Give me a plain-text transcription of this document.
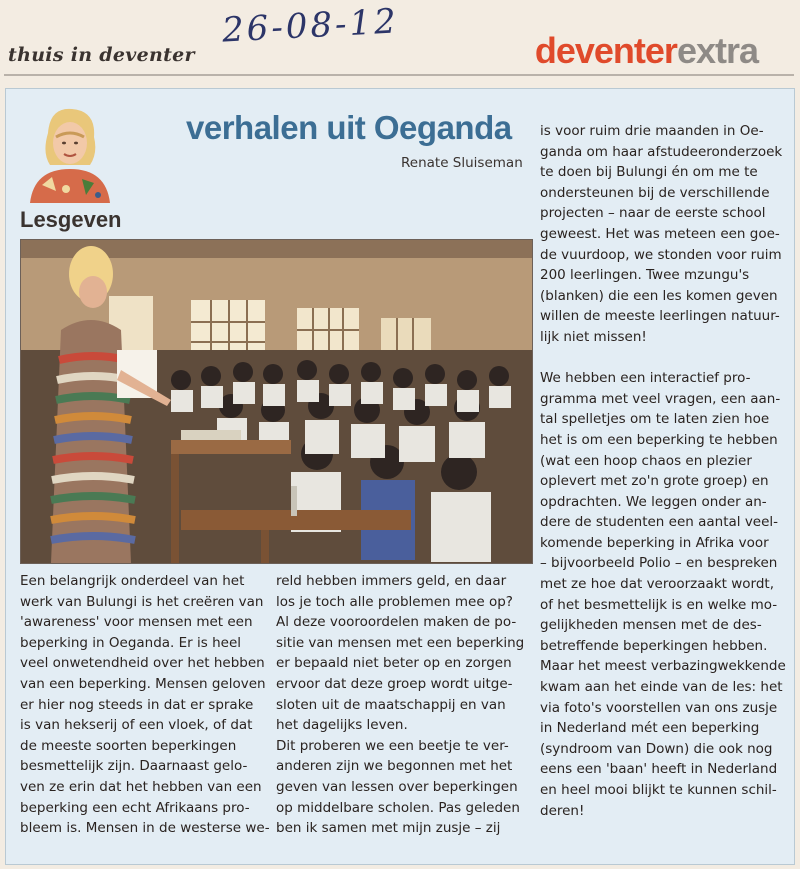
thuis in deventer
26-08-12	deventerextra
verhalen uit Oeganda
Renate Sluiseman
Lesgeven

Een belangrijk onderdeel van het

werk van Bulungi is het creëren van

'awareness' voor mensen met een

beperking in Oeganda. Er is heel

veel onwetendheid over het hebben

van een beperking. Mensen geloven

er hier nog steeds in dat er sprake

is van hekserij of een vloek, of dat

de meeste soorten beperkingen

besmettelijk zijn. Daarnaast gelo-

ven ze erin dat het hebben van een

beperking een echt Afrikaans pro-

bleem is. Mensen in de westerse we-

reld hebben immers geld, en daar

los je toch alle problemen mee op?

Al deze vooroordelen maken de po-

sitie van mensen met een beperking

er bepaald niet beter op en zorgen

ervoor dat deze groep wordt uitge-

sloten uit de maatschappij en van

het dagelijks leven.

Dit proberen we een beetje te ver-

anderen zijn we begonnen met het

geven van lessen over beperkingen

op middelbare scholen. Pas geleden

ben ik samen met mijn zusje – zij

is voor ruim drie maanden in Oe-

ganda om haar afstudeeronderzoek

te doen bij Bulungi én om me te

ondersteunen bij de verschillende

projecten – naar de eerste school

geweest. Het was meteen een goe-

de vuurdoop, we stonden voor ruim

200 leerlingen. Twee mzungu's

(blanken) die een les komen geven

willen de meeste leerlingen natuur-

lijk niet missen!

We hebben een interactief pro-

gramma met veel vragen, een aan-

tal spelletjes om te laten zien hoe

het is om een beperking te hebben

(wat een hoop chaos en plezier

oplevert met zo'n grote groep) en

opdrachten. We leggen onder an-

dere de studenten een aantal veel-

komende beperking in Afrika voor

– bijvoorbeeld Polio – en bespreken

met ze hoe dat veroorzaakt wordt,

of het besmettelijk is en welke mo-

gelijkheden mensen met de des-

betreffende beperkingen hebben.

Maar het meest verbazingwekkende

kwam aan het einde van de les: het

via foto's voorstellen van ons zusje

in Nederland mét een beperking

(syndroom van Down) die ook nog

eens een 'baan' heeft in Nederland

en heel mooi blijkt te kunnen schil-

deren!
